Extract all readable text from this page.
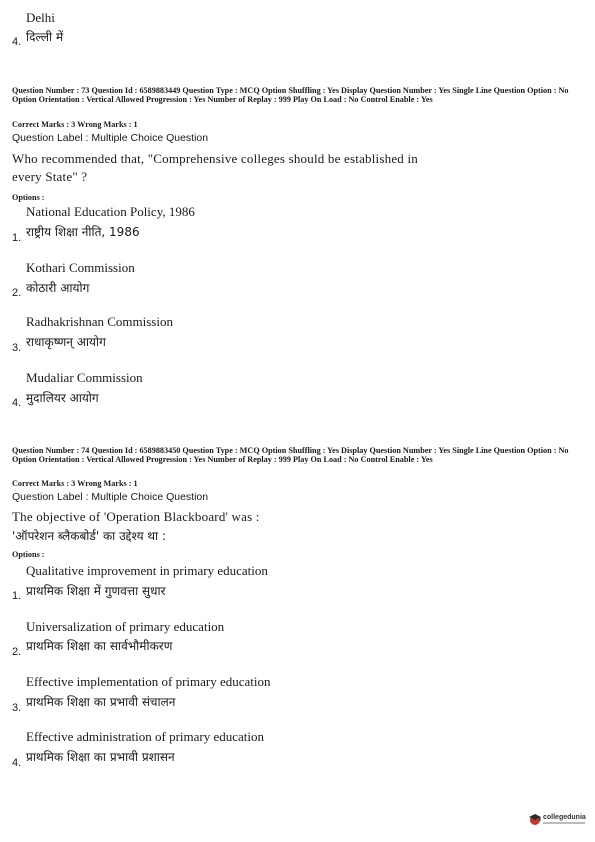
Delhi
4. दिल्ली में
Question Number : 73 Question Id : 6589883449 Question Type : MCQ Option Shuffling : Yes Display Question Number : Yes Single Line Question Option : No Option Orientation : Vertical Allowed Progression : Yes Number of Replay : 999 Play On Load : No Control Enable : Yes
Correct Marks : 3 Wrong Marks : 1
Question Label : Multiple Choice Question
Who recommended that, "Comprehensive colleges should be established in
every State" ?
Options :
National Education Policy, 1986
1. राष्ट्रीय शिक्षा नीति, 1986
Kothari Commission
2. कोठारी आयोग
Radhakrishnan Commission
3. राधाकृष्णन् आयोग
Mudaliar Commission
4. मुदालियर आयोग
Question Number : 74 Question Id : 6589883450 Question Type : MCQ Option Shuffling : Yes Display Question Number : Yes Single Line Question Option : No Option Orientation : Vertical Allowed Progression : Yes Number of Replay : 999 Play On Load : No Control Enable : Yes
Correct Marks : 3 Wrong Marks : 1
Question Label : Multiple Choice Question
The objective of 'Operation Blackboard' was :
'ऑपरेशन ब्लैकबोर्ड' का उद्देश्य था :
Options :
Qualitative improvement in primary education
1. प्राथमिक शिक्षा में गुणवत्ता सुधार
Universalization of primary education
2. प्राथमिक शिक्षा का सार्वभौमीकरण
Effective implementation of primary education
3. प्राथमिक शिक्षा का प्रभावी संचालन
Effective administration of primary education
4. प्राथमिक शिक्षा का प्रभावी प्रशासन
collegedunia
